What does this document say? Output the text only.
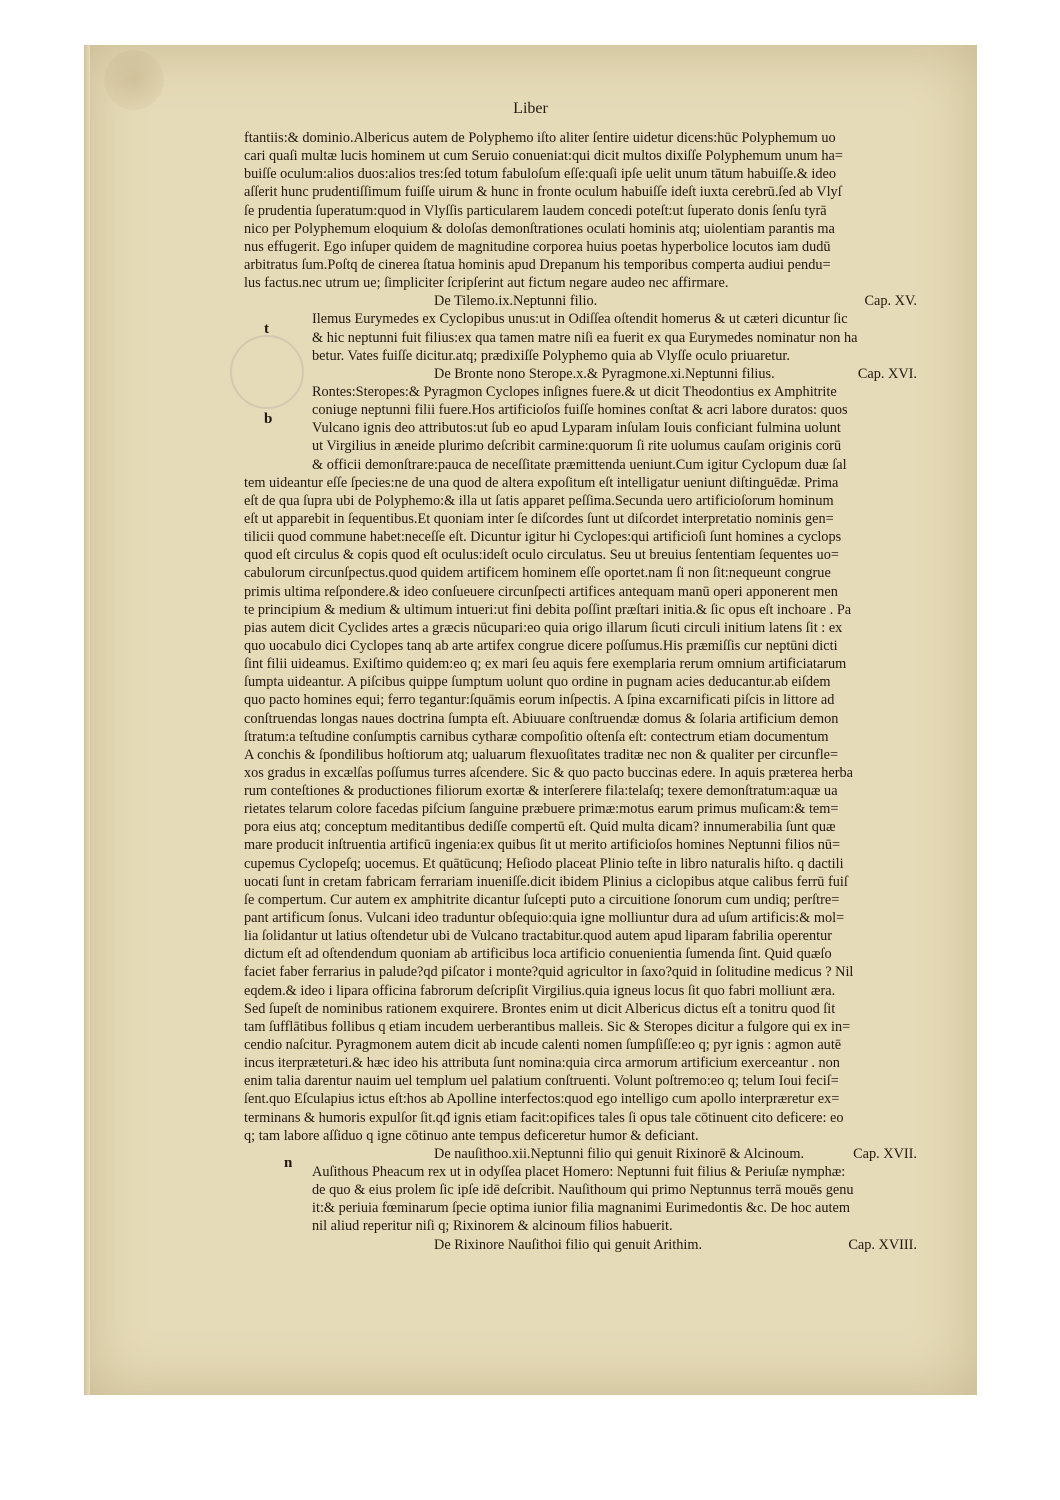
Liber
t
b
n
ftantiis:& dominio.Albericus autem de Polyphemo iſto aliter ſentire uidetur dicens:hūc Polyphemum uo
cari quaſi multæ lucis hominem ut cum Seruio conueniat:qui dicit multos dixiſſe Polyphemum unum ha=
buiſſe oculum:alios duos:alios tres:ſed totum fabuloſum eſſe:quaſi ipſe uelit unum tātum habuiſſe.& ideo
aſſerit hunc prudentiſſimum fuiſſe uirum & hunc in fronte oculum habuiſſe ideſt iuxta cerebrū.ſed ab Vlyſ
ſe prudentia ſuperatum:quod in Vlyſſis particularem laudem concedi poteſt:ut ſuperato donis ſenſu tyrā
nico per Polyphemum eloquium & doloſas demonſtrationes oculati hominis atq; uiolentiam parantis ma
nus effugerit. Ego inſuper quidem de magnitudine corporea huius poetas hyperbolice locutos iam dudū
arbitratus ſum.Poſtq de cinerea ſtatua hominis apud Drepanum his temporibus comperta audiui pendu=
lus factus.nec utrum ue; ſimpliciter ſcripſerint aut fictum negare audeo nec affirmare.
De Tilemo.ix.Neptunni filio.	Cap. XV.
Ilemus Eurymedes ex Cyclopibus unus:ut in Odiſſea oſtendit homerus & ut cæteri dicuntur ſic
& hic neptunni fuit filius:ex qua tamen matre niſi ea fuerit ex qua Eurymedes nominatur non ha
betur. Vates fuiſſe dicitur.atq; prædixiſſe Polyphemo quia ab Vlyſſe oculo priuaretur.
De Bronte nono Sterope.x.& Pyragmone.xi.Neptunni filius.	Cap. XVI.
Rontes:Steropes:& Pyragmon Cyclopes inſignes fuere.& ut dicit Theodontius ex Amphitrite
coniuge neptunni filii fuere.Hos artificioſos fuiſſe homines conſtat & acri labore duratos: quos
Vulcano ignis deo attributos:ut ſub eo apud Lyparam inſulam Iouis conficiant fulmina uolunt
ut Virgilius in æneide plurimo deſcribit carmine:quorum ſi rite uolumus cauſam originis corū
& officii demonſtrare:pauca de neceſſitate præmittenda ueniunt.Cum igitur Cyclopum duæ ſal
tem uideantur eſſe ſpecies:ne de una quod de altera expoſitum eſt intelligatur ueniunt diſtinguēdæ. Prima
eſt de qua ſupra ubi de Polyphemo:& illa ut ſatis apparet peſſima.Secunda uero artificioſorum hominum
eſt ut apparebit in ſequentibus.Et quoniam inter ſe diſcordes ſunt ut diſcordet interpretatio nominis gen=
tilicii quod commune habet:neceſſe eſt. Dicuntur igitur hi Cyclopes:qui artificioſi ſunt homines a cyclops
quod eſt circulus & copis quod eſt oculus:ideſt oculo circulatus. Seu ut breuius ſententiam ſequentes uo=
cabulorum circunſpectus.quod quidem artificem hominem eſſe oportet.nam ſi non ſit:nequeunt congrue
primis ultima reſpondere.& ideo conſueuere circunſpecti artifices antequam manū operi apponerent men
te principium & medium & ultimum intueri:ut fini debita poſſint præſtari initia.& ſic opus eſt inchoare . Pa
pias autem dicit Cyclides artes a græcis nūcupari:eo quia origo illarum ſicuti circuli initium latens ſit : ex
quo uocabulo dici Cyclopes tanq ab arte artifex congrue dicere poſſumus.His præmiſſis cur neptūni dicti
ſint filii uideamus. Exiſtimo quidem:eo q; ex mari ſeu aquis fere exemplaria rerum omnium artificiatarum
ſumpta uideantur. A piſcibus quippe ſumptum uolunt quo ordine in pugnam acies deducantur.ab eiſdem
quo pacto homines equi; ferro tegantur:ſquāmis eorum inſpectis. A ſpina excarnificati piſcis in littore ad
conſtruendas longas naues doctrina ſumpta eſt. Abiuuare conſtruendæ domus & ſolaria artificium demon
ſtratum:a teſtudine conſumptis carnibus cytharæ compoſitio oſtenſa eſt: contectrum etiam documentum
A conchis & ſpondilibus hoſtiorum atq; ualuarum flexuoſitates traditæ nec non & qualiter per circunfle=
xos gradus in excælſas poſſumus turres aſcendere. Sic & quo pacto buccinas edere. In aquis præterea herba
rum conteſtiones & productiones filiorum exortæ & interſerere fila:telaſq; texere demonſtratum:aquæ ua
rietates telarum colore facedas piſcium ſanguine præbuere primæ:motus earum primus muſicam:& tem=
pora eius atq; conceptum meditantibus dediſſe compertū eſt. Quid multa dicam? innumerabilia ſunt quæ
mare producit inſtruentia artificū ingenia:ex quibus ſit ut merito artificioſos homines Neptunni filios nū=
cupemus Cyclopeſq; uocemus. Et quātūcunq; Heſiodo placeat Plinio teſte in libro naturalis hiſto. q dactili
uocati ſunt in cretam fabricam ferrariam inueniſſe.dicit ibidem Plinius a ciclopibus atque calibus ferrū fuiſ
ſe compertum. Cur autem ex amphitrite dicantur ſuſcepti puto a circuitione ſonorum cum undiq; perſtre=
pant artificum ſonus. Vulcani ideo traduntur obſequio:quia igne molliuntur dura ad uſum artificis:& mol=
lia ſolidantur ut latius oſtendetur ubi de Vulcano tractabitur.quod autem apud liparam fabrilia operentur
dictum eſt ad oſtendendum quoniam ab artificibus loca artificio conuenientia ſumenda ſint. Quid quæſo
faciet faber ferrarius in palude?qd piſcator i monte?quid agricultor in ſaxo?quid in ſolitudine medicus ? Nil
eqdem.& ideo i lipara officina fabrorum deſcripſit Virgilius.quia igneus locus ſit quo fabri molliunt æra.
Sed ſupeſt de nominibus rationem exquirere. Brontes enim ut dicit Albericus dictus eſt a tonitru quod ſit
tam ſufflātibus follibus q etiam incudem uerberantibus malleis. Sic & Steropes dicitur a fulgore qui ex in=
cendio naſcitur. Pyragmonem autem dicit ab incude calenti nomen ſumpſiſſe:eo q; pyr ignis : agmon autē
incus iterpræteturi.& hæc ideo his attributa ſunt nomina:quia circa armorum artificium exerceantur . non
enim talia darentur nauim uel templum uel palatium conſtruenti. Volunt poſtremo:eo q; telum Ioui feciſ=
ſent.quo Eſculapius ictus eſt:hos ab Apolline interfectos:quod ego intelligo cum apollo interpræretur ex=
terminans & humoris expulſor ſit.qđ ignis etiam facit:opifices tales ſi opus tale cōtinuent cito deficere: eo
q; tam labore aſſiduo q igne cōtinuo ante tempus deficeretur humor & deficiant.
De nauſithoo.xii.Neptunni filio qui genuit Rixinorē & Alcinoum.	Cap. XVII.
Auſithous Pheacum rex ut in odyſſea placet Homero: Neptunni fuit filius & Periuſæ nymphæ:
de quo & eius prolem ſic ipſe idē deſcribit. Nauſithoum qui primo Neptunnus terrā mouēs genu
it:& periuia fœminarum ſpecie optima iunior filia magnanimi Eurimedontis &c. De hoc autem
nil aliud reperitur niſi q; Rixinorem & alcinoum filios habuerit.
De Rixinore Nauſithoi filio qui genuit Arithim.	Cap. XVIII.
